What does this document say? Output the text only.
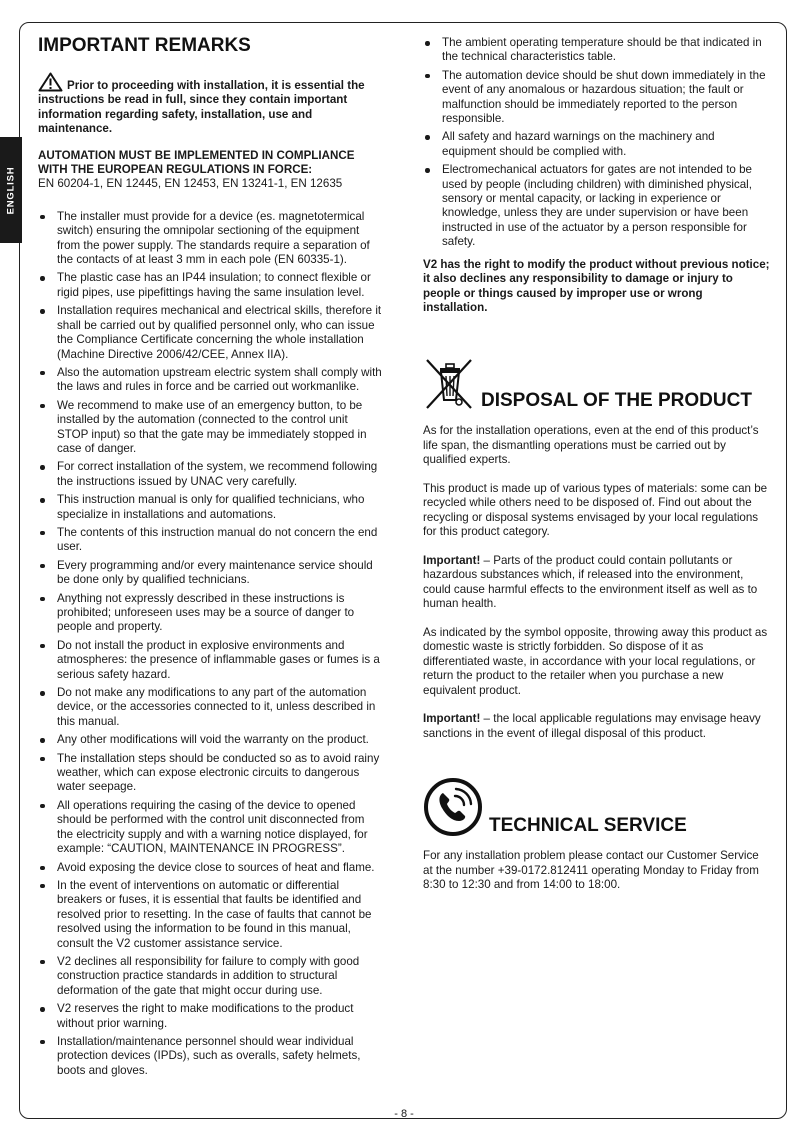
ENGLISH
IMPORTANT REMARKS
Prior to proceeding with installation, it is essential the instructions be read in full, since they contain important information regarding safety, installation, use and maintenance.
AUTOMATION MUST BE IMPLEMENTED IN COMPLIANCE WITH THE EUROPEAN REGULATIONS IN FORCE:
EN 60204-1, EN 12445, EN 12453, EN 13241-1, EN 12635
The installer must provide for a device (es. magnetotermical switch) ensuring the omnipolar sectioning of the equipment from the power supply. The standards require a separation of the contacts of at least 3 mm in each pole (EN 60335-1).
The plastic case has an IP44 insulation; to connect flexible or rigid pipes, use pipefittings having the same insulation level.
Installation requires mechanical and electrical skills, therefore it shall be carried out by qualified personnel only, who can issue the Compliance Certificate concerning the whole installation (Machine Directive 2006/42/CEE, Annex IIA).
Also the automation upstream electric system shall comply with the laws and rules in force and be carried out workmanlike.
We recommend to make use of an emergency button, to be installed by the automation (connected to the control unit STOP input) so that the gate may be immediately stopped in case of danger.
For correct installation of the system, we recommend following the instructions issued by UNAC very carefully.
This instruction manual is only for qualified technicians, who specialize in installations and automations.
The contents of this instruction manual do not concern the end user.
Every programming and/or every maintenance service should be done only by qualified technicians.
Anything not expressly described in these instructions is prohibited; unforeseen uses may be a source of danger to people and property.
Do not install the product in explosive environments and atmospheres: the presence of inflammable gases or fumes is a serious safety hazard.
Do not make any modifications to any part of the automation device, or the accessories connected to it, unless described in this manual.
Any other modifications will void the warranty on the product.
The installation steps should be conducted so as to avoid rainy weather, which can expose electronic circuits to dangerous water seepage.
All operations requiring the casing of the device to opened should be performed with the control unit disconnected from the electricity supply and with a warning notice displayed, for example: “CAUTION, MAINTENANCE IN PROGRESS”.
Avoid exposing the device close to sources of heat and flame.
In the event of interventions on automatic or differential breakers or fuses, it is essential that faults be identified and resolved prior to resetting. In the case of faults that cannot be resolved using the information to be found in this manual, consult the V2 customer assistance service.
V2 declines all responsibility for failure to comply with good construction practice standards in addition to structural deformation of the gate that might occur during use.
V2 reserves the right to make modifications to the product without prior warning.
Installation/maintenance personnel should wear individual protection devices (IPDs), such as overalls, safety helmets, boots and gloves.
The ambient operating temperature should be that indicated in the technical characteristics table.
The automation device should be shut down immediately in the event of any anomalous or hazardous situation; the fault or malfunction should be immediately reported to the person responsible.
All safety and hazard warnings on the machinery and equipment should be complied with.
Electromechanical actuators for gates are not intended to be used by people (including children) with diminished physical, sensory or mental capacity, or lacking in experience or knowledge, unless they are under supervision or have been instructed in use of the actuator by a person responsible for safety.
V2 has the right to modify the product without previous notice; it also declines any responsibility to damage or injury to people or things caused by improper use or wrong installation.
DISPOSAL OF THE PRODUCT

As for the installation operations, even at the end of this product’s life span, the dismantling operations must be carried out by qualified experts.

This product is made up of various types of materials: some can be recycled while others need to be disposed of. Find out about the recycling or disposal systems envisaged by your local regulations for this product category.

Important! – Parts of the product could contain pollutants or hazardous substances which, if released into the environment, could cause harmful effects to the environment itself as well as to human health.

As indicated by the symbol opposite, throwing away this product as domestic waste is strictly forbidden. So dispose of it as differentiated waste, in accordance with your local regulations, or return the product to the retailer when you purchase a new equivalent product.

Important! – the local applicable regulations may envisage heavy sanctions in the event of illegal disposal of this product.

TECHNICAL SERVICE

For any installation problem please contact our Customer Service at the number +39-0172.812411 operating Monday to Friday from 8:30 to 12:30 and from 14:00 to 18:00.

- 8 -
